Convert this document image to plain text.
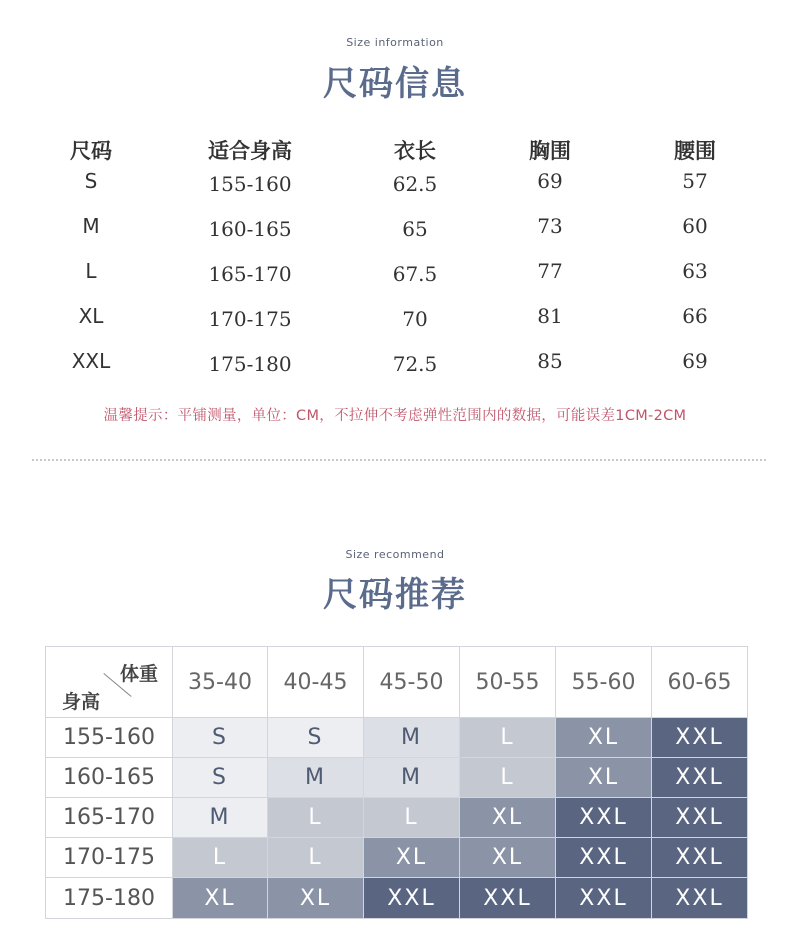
Size information
尺码信息
尺码	适合身高	衣长	胸围	腰围
S	155-160	62.5	69	57
M	160-165	65	73	60
L	165-170	67.5	77	63
XL	170-175	70	81	66
XXL	175-180	72.5	85	69
温馨提示：平铺测量，单位：CM，不拉伸不考虑弹性范围内的数据，可能误差1CM-2CM
Size recommend
尺码推荐
体重
身高	35-40	40-45	45-50	50-55	55-60	60-65
155-160	S	S	M	L	XL	XXL
160-165	S	M	M	L	XL	XXL
165-170	M	L	L	XL	XXL	XXL
170-175	L	L	XL	XL	XXL	XXL
175-180	XL	XL	XXL	XXL	XXL	XXL
